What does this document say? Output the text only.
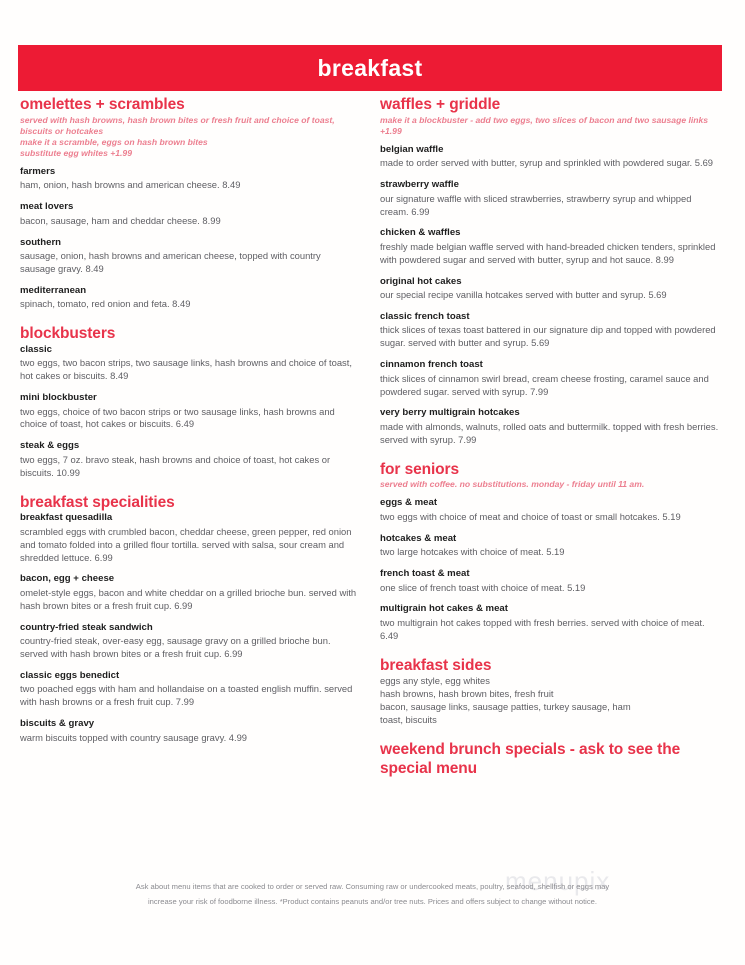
breakfast
omelettes + scrambles
served with hash browns, hash brown bites or fresh fruit and choice of toast, biscuits or hotcakes
make it a scramble, eggs on hash brown bites
substitute egg whites +1.99
farmers
ham, onion, hash browns and american cheese. 8.49
meat lovers
bacon, sausage, ham and cheddar cheese. 8.99
southern
sausage, onion, hash browns and american cheese, topped with country sausage gravy. 8.49
mediterranean
spinach, tomato, red onion and feta. 8.49
blockbusters
classic
two eggs, two bacon strips, two sausage links, hash browns and choice of toast, hot cakes or biscuits. 8.49
mini blockbuster
two eggs, choice of two bacon strips or two sausage links, hash browns and choice of toast, hot cakes or biscuits. 6.49
steak & eggs
two eggs, 7 oz. bravo steak, hash browns and choice of toast, hot cakes or biscuits. 10.99
breakfast specialities
breakfast quesadilla
scrambled eggs with crumbled bacon, cheddar cheese, green pepper, red onion and tomato folded into a grilled flour tortilla. served with salsa, sour cream and shredded lettuce. 6.99
bacon, egg + cheese
omelet-style eggs, bacon and white cheddar on a grilled brioche bun. served with hash brown bites or a fresh fruit cup. 6.99
country-fried steak sandwich
country-fried steak, over-easy egg, sausage gravy on a grilled brioche bun. served with hash brown bites or a fresh fruit cup. 6.99
classic eggs benedict
two poached eggs with ham and hollandaise on a toasted english muffin. served with hash browns or a fresh fruit cup. 7.99
biscuits & gravy
warm biscuits topped with country sausage gravy. 4.99
waffles + griddle
make it a blockbuster - add two eggs, two slices of bacon and two sausage links +1.99
belgian waffle
made to order served with butter, syrup and sprinkled with powdered sugar. 5.69
strawberry waffle
our signature waffle with sliced strawberries, strawberry syrup and whipped cream. 6.99
chicken & waffles
freshly made belgian waffle served with hand-breaded chicken tenders, sprinkled with powdered sugar and served with butter, syrup and hot sauce. 8.99
original hot cakes
our special recipe vanilla hotcakes served with butter and syrup. 5.69
classic french toast
thick slices of texas toast battered in our signature dip and topped with powdered sugar. served with butter and syrup. 5.69
cinnamon french toast
thick slices of cinnamon swirl bread, cream cheese frosting, caramel sauce and powdered sugar. served with syrup. 7.99
very berry multigrain hotcakes
made with almonds, walnuts, rolled oats and buttermilk. topped with fresh berries. served with syrup. 7.99
for seniors
served with coffee. no substitutions. monday - friday until 11 am.
eggs & meat
two eggs with choice of meat and choice of toast or small hotcakes. 5.19
hotcakes & meat
two large hotcakes with choice of meat. 5.19
french toast & meat
one slice of french toast with choice of meat. 5.19
multigrain hot cakes & meat
two multigrain hot cakes topped with fresh berries. served with choice of meat. 6.49
breakfast sides
eggs any style, egg whites
hash browns, hash brown bites, fresh fruit
bacon, sausage links, sausage patties, turkey sausage, ham
toast, biscuits
weekend brunch specials - ask to see the special menu
menupix

Ask about menu items that are cooked to order or served raw. Consuming raw or undercooked meats, poultry, seafood, shellfish or eggs may

increase your risk of foodborne illness. *Product contains peanuts and/or tree nuts. Prices and offers subject to change without notice.
